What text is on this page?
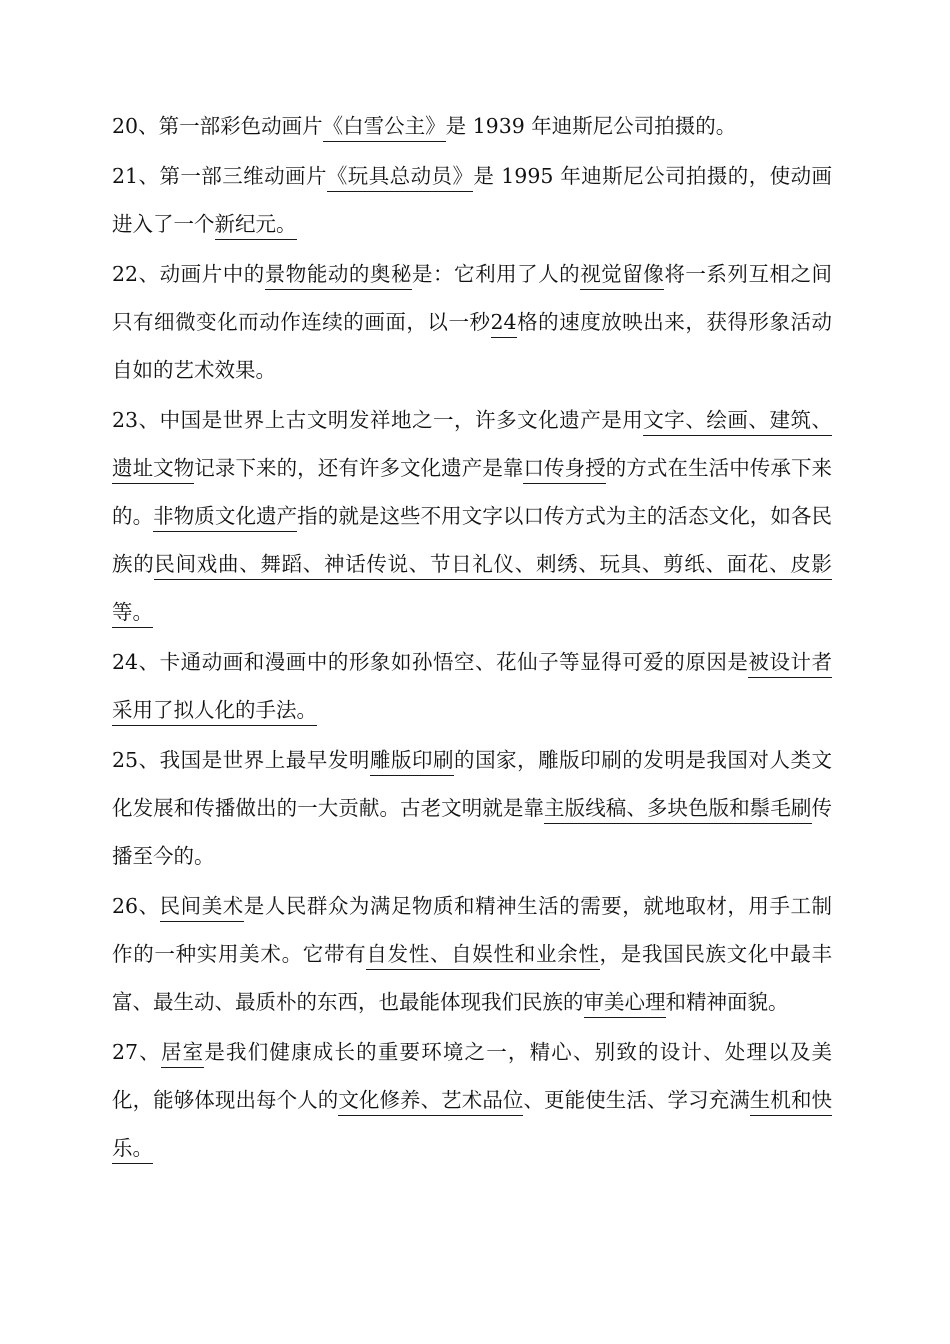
20、第一部彩色动画片《白雪公主》是 1939 年迪斯尼公司拍摄的。

21、第一部三维动画片《玩具总动员》是 1995 年迪斯尼公司拍摄的，使动画进入了一个新纪元。

22、动画片中的景物能动的奥秘是：它利用了人的视觉留像将一系列互相之间只有细微变化而动作连续的画面，以一秒24格的速度放映出来，获得形象活动自如的艺术效果。

23、中国是世界上古文明发祥地之一，许多文化遗产是用文字、绘画、建筑、遗址文物记录下来的，还有许多文化遗产是靠口传身授的方式在生活中传承下来的。非物质文化遗产指的就是这些不用文字以口传方式为主的活态文化，如各民族的民间戏曲、舞蹈、神话传说、节日礼仪、刺绣、玩具、剪纸、面花、皮影等。

24、卡通动画和漫画中的形象如孙悟空、花仙子等显得可爱的原因是被设计者采用了拟人化的手法。

25、我国是世界上最早发明雕版印刷的国家，雕版印刷的发明是我国对人类文化发展和传播做出的一大贡献。古老文明就是靠主版线稿、多块色版和鬃毛刷传播至今的。

26、民间美术是人民群众为满足物质和精神生活的需要，就地取材，用手工制作的一种实用美术。它带有自发性、自娱性和业余性，是我国民族文化中最丰富、最生动、最质朴的东西，也最能体现我们民族的审美心理和精神面貌。

27、居室是我们健康成长的重要环境之一，精心、别致的设计、处理以及美化，能够体现出每个人的文化修养、艺术品位、更能使生活、学习充满生机和快乐。
